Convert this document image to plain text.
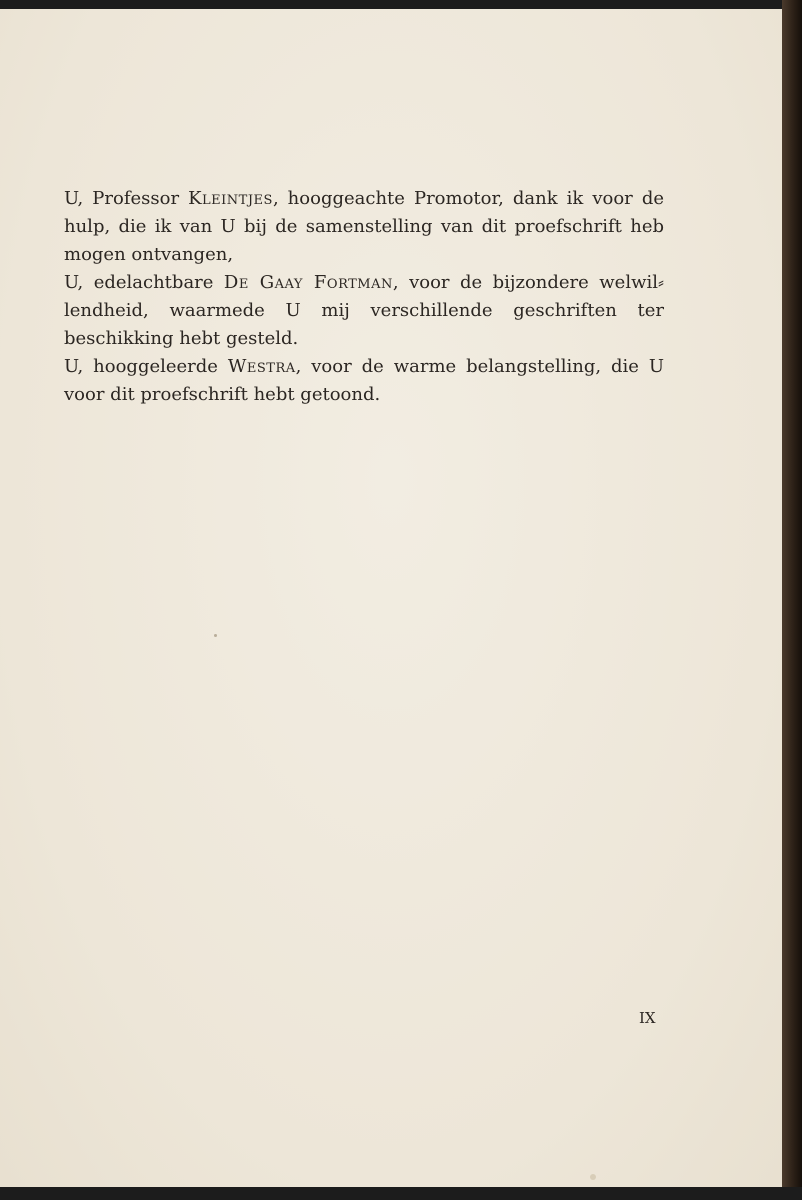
U, Professor Kleintjes, hooggeachte Promotor, dank ik voor de hulp, die ik van U bij de samenstelling van dit proefschrift heb mogen ontvangen,

U, edelachtbare De Gaay Fortman, voor de bijzondere welwil⸗ lendheid, waarmede U mij verschillende geschriften ter beschikking hebt gesteld.

U, hooggeleerde Westra, voor de warme belangstelling, die U voor dit proefschrift hebt getoond.

IX
